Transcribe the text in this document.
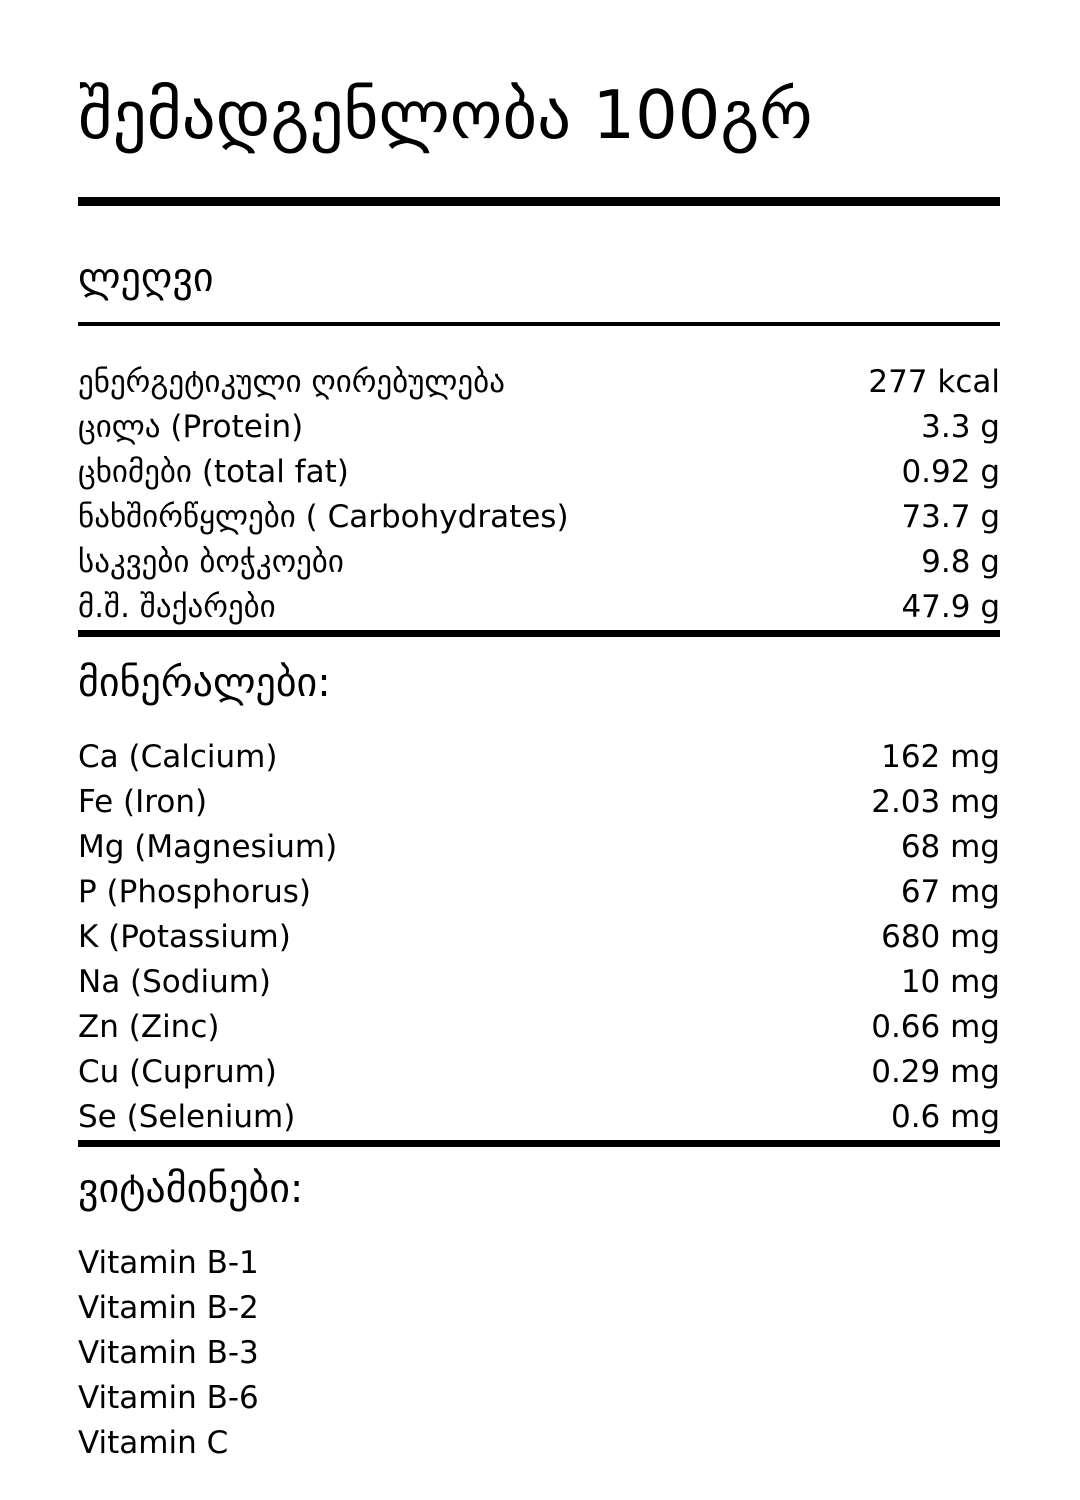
შემადგენლობა 100გრ
ლეღვი
ენერგეტიკული ღირებულება	277 kcal
ცილა (Protein)	3.3 g
ცხიმები (total fat)	0.92 g
ნახშირწყლები ( Carbohydrates)	73.7 g
საკვები ბოჭკოები	9.8 g
მ.შ. შაქარები	47.9 g
მინერალები:
Ca (Calcium)	162 mg
Fe (Iron)	2.03 mg
Mg (Magnesium)	68 mg
P (Phosphorus)	67 mg
K (Potassium)	680 mg
Na (Sodium)	10 mg
Zn (Zinc)	0.66 mg
Cu (Cuprum)	0.29 mg
Se (Selenium)	0.6 mg
ვიტამინები:
Vitamin B-1
Vitamin B-2
Vitamin B-3
Vitamin B-6
Vitamin C
